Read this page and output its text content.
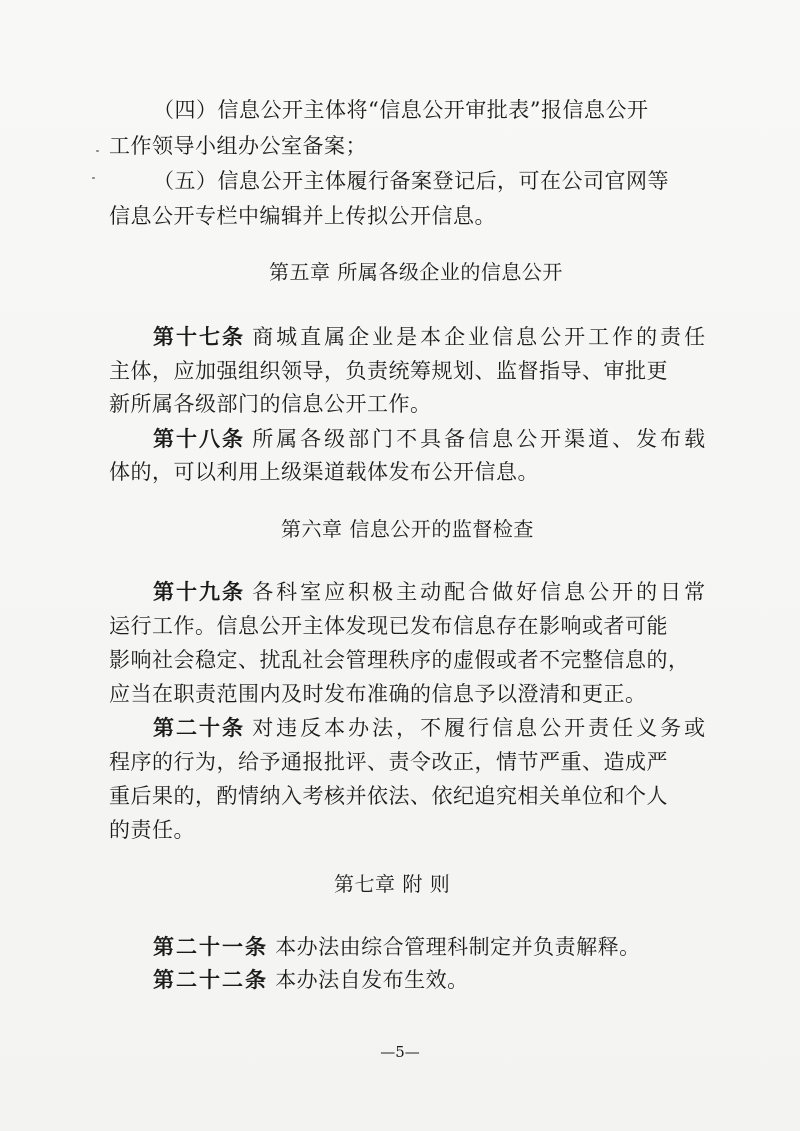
（四）信息公开主体将“信息公开审批表”报信息公开
工作领导小组办公室备案；
（五）信息公开主体履行备案登记后，可在公司官网等
信息公开专栏中编辑并上传拟公开信息。
第五章 所属各级企业的信息公开
第十七条 商城直属企业是本企业信息公开工作的责任
主体，应加强组织领导，负责统筹规划、监督指导、审批更
新所属各级部门的信息公开工作。
第十八条 所属各级部门不具备信息公开渠道、发布载
体的，可以利用上级渠道载体发布公开信息。
第六章 信息公开的监督检查
第十九条 各科室应积极主动配合做好信息公开的日常
运行工作。信息公开主体发现已发布信息存在影响或者可能
影响社会稳定、扰乱社会管理秩序的虚假或者不完整信息的，
应当在职责范围内及时发布准确的信息予以澄清和更正。
第二十条 对违反本办法，不履行信息公开责任义务或
程序的行为，给予通报批评、责令改正，情节严重、造成严
重后果的，酌情纳入考核并依法、依纪追究相关单位和个人
的责任。
第七章 附 则
第二十一条 本办法由综合管理科制定并负责解释。
第二十二条 本办法自发布生效。
—5—
